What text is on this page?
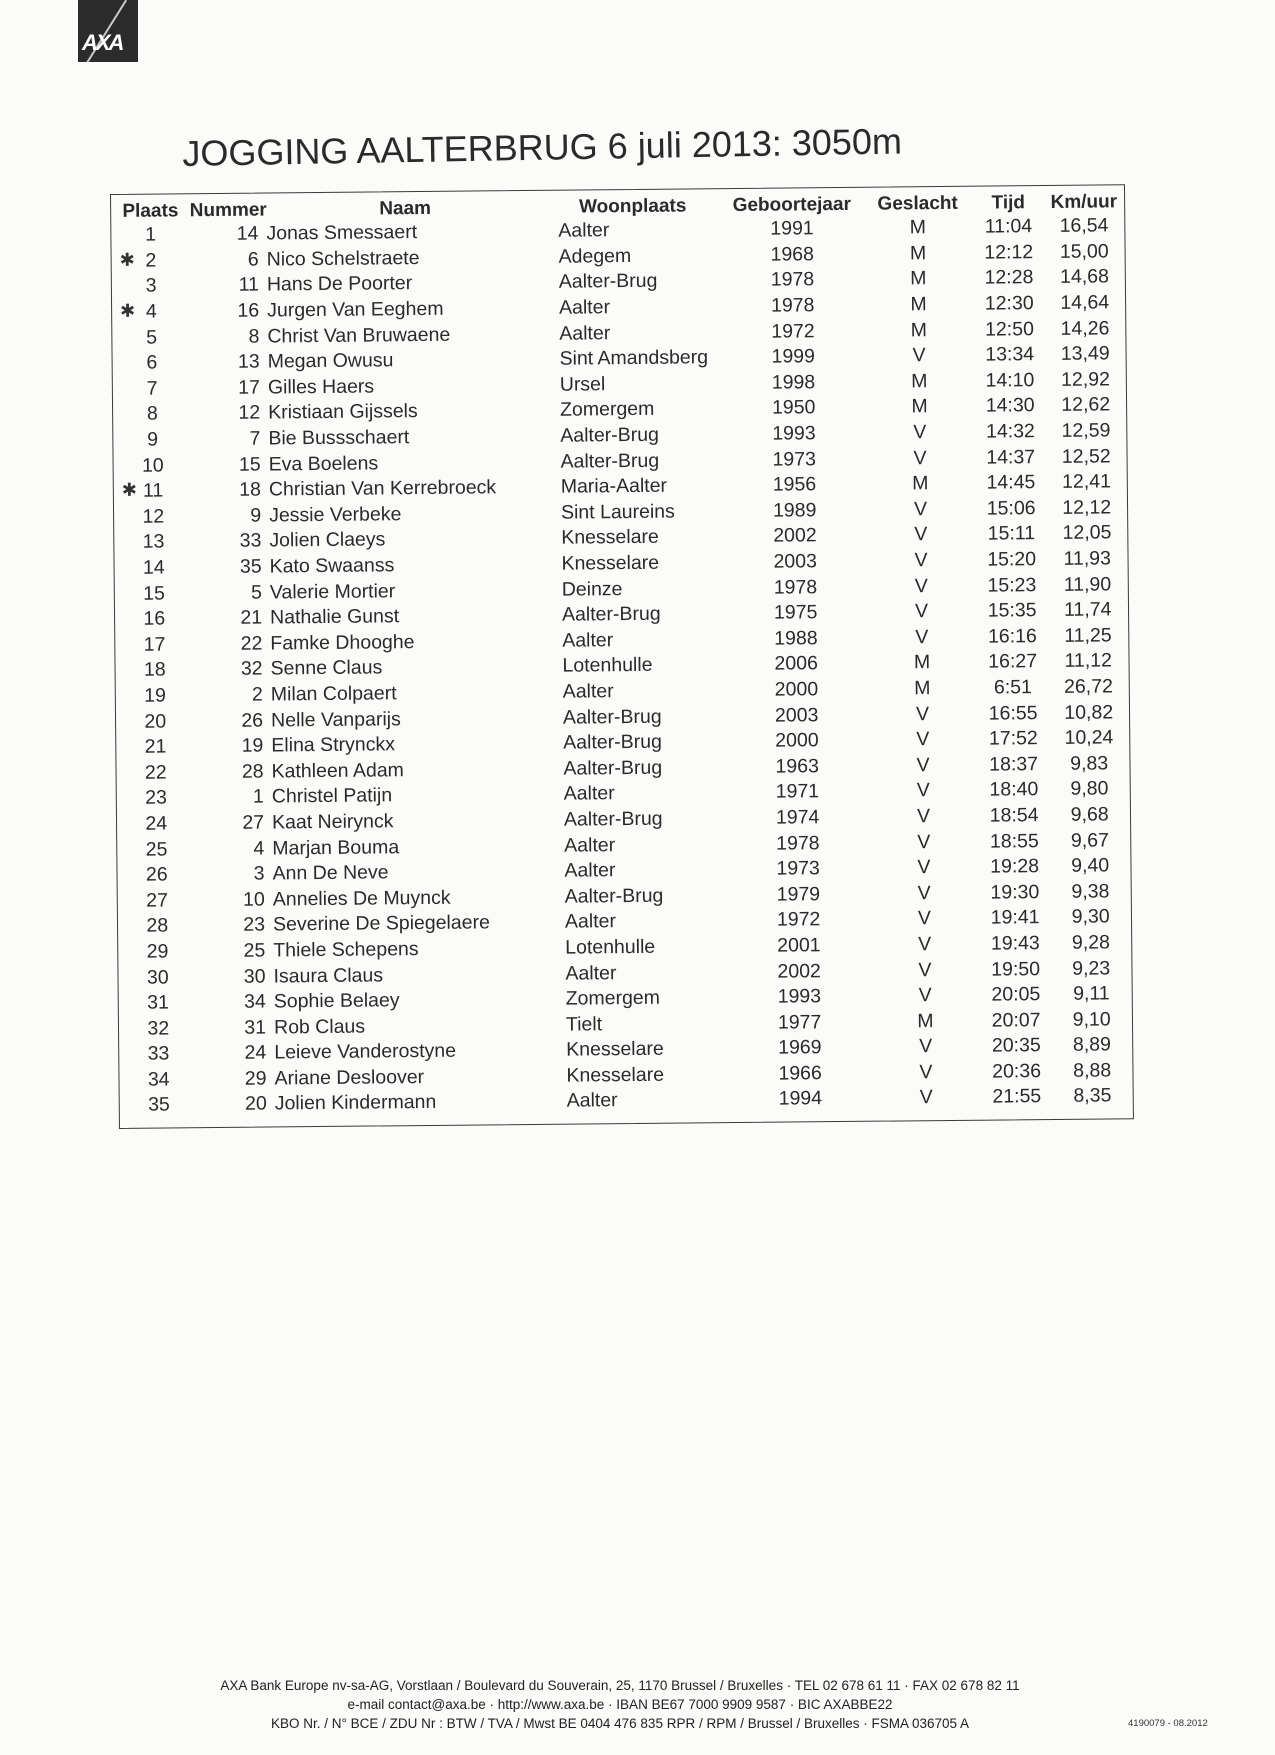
AXA
JOGGING AALTERBRUG 6 juli 2013: 3050m
Plaats	Nummer	Naam	Woonplaats	Geboortejaar	Geslacht	Tijd	Km/uur
1	14	Jonas Smessaert	Aalter	1991	M	11:04	16,54

✱ 2	6	Nico Schelstraete	Adegem	1968	M	12:12	15,00
3	11	Hans De Poorter	Aalter-Brug	1978	M	12:28	14,68

✱ 4	16	Jurgen Van Eeghem	Aalter	1978	M	12:30	14,64
5	8	Christ Van Bruwaene	Aalter	1972	M	12:50	14,26
6	13	Megan Owusu	Sint Amandsberg	1999	V	13:34	13,49
7	17	Gilles Haers	Ursel	1998	M	14:10	12,92
8	12	Kristiaan Gijssels	Zomergem	1950	M	14:30	12,62
9	7	Bie Bussschaert	Aalter-Brug	1993	V	14:32	12,59
10	15	Eva Boelens	Aalter-Brug	1973	V	14:37	12,52

✱ 11	18	Christian Van Kerrebroeck	Maria-Aalter	1956	M	14:45	12,41
12	9	Jessie Verbeke	Sint Laureins	1989	V	15:06	12,12
13	33	Jolien Claeys	Knesselare	2002	V	15:11	12,05
14	35	Kato Swaanss	Knesselare	2003	V	15:20	11,93
15	5	Valerie Mortier	Deinze	1978	V	15:23	11,90
16	21	Nathalie Gunst	Aalter-Brug	1975	V	15:35	11,74
17	22	Famke Dhooghe	Aalter	1988	V	16:16	11,25
18	32	Senne Claus	Lotenhulle	2006	M	16:27	11,12
19	2	Milan Colpaert	Aalter	2000	M	6:51	26,72
20	26	Nelle Vanparijs	Aalter-Brug	2003	V	16:55	10,82
21	19	Elina Strynckx	Aalter-Brug	2000	V	17:52	10,24
22	28	Kathleen Adam	Aalter-Brug	1963	V	18:37	9,83
23	1	Christel Patijn	Aalter	1971	V	18:40	9,80
24	27	Kaat Neirynck	Aalter-Brug	1974	V	18:54	9,68
25	4	Marjan Bouma	Aalter	1978	V	18:55	9,67
26	3	Ann De Neve	Aalter	1973	V	19:28	9,40
27	10	Annelies De Muynck	Aalter-Brug	1979	V	19:30	9,38
28	23	Severine De Spiegelaere	Aalter	1972	V	19:41	9,30
29	25	Thiele Schepens	Lotenhulle	2001	V	19:43	9,28
30	30	Isaura Claus	Aalter	2002	V	19:50	9,23
31	34	Sophie Belaey	Zomergem	1993	V	20:05	9,11
32	31	Rob Claus	Tielt	1977	M	20:07	9,10
33	24	Leieve Vanderostyne	Knesselare	1969	V	20:35	8,89
34	29	Ariane Desloover	Knesselare	1966	V	20:36	8,88
35	20	Jolien Kindermann	Aalter	1994	V	21:55	8,35

AXA Bank Europe nv-sa-AG, Vorstlaan / Boulevard du Souverain, 25, 1170 Brussel / Bruxelles · TEL 02 678 61 11 · FAX 02 678 82 11

e-mail contact@axa.be · http://www.axa.be · IBAN BE67 7000 9909 9587 · BIC AXABBE22

KBO Nr. / N° BCE / ZDU Nr : BTW / TVA / Mwst BE 0404 476 835 RPR / RPM / Brussel / Bruxelles · FSMA 036705 A	4190079 - 08.2012
